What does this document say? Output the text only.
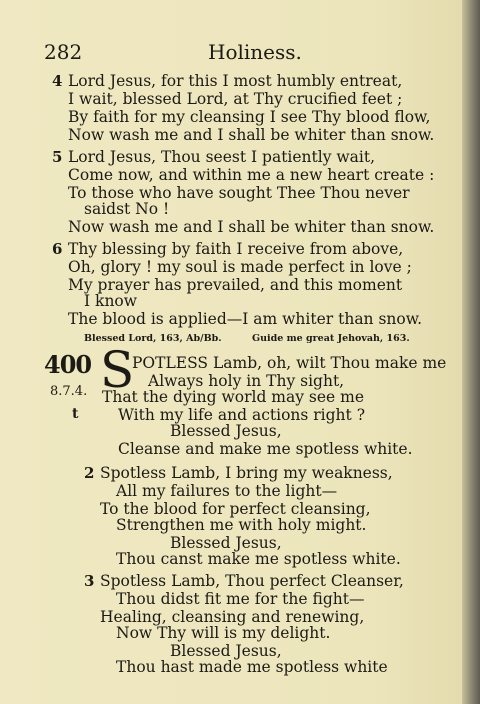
282	Holiness.
4 Lord Jesus, for this I most humbly entreat,
I wait, blessed Lord, at Thy crucified feet ;
By faith for my cleansing I see Thy blood flow,
Now wash me and I shall be whiter than snow.
5 Lord Jesus, Thou seest I patiently wait,
Come now, and within me a new heart create :
To those who have sought Thee Thou never
saidst No !
Now wash me and I shall be whiter than snow.
6 Thy blessing by faith I receive from above,
Oh, glory ! my soul is made perfect in love ;
My prayer has prevailed, and this moment
I know
The blood is applied—I am whiter than snow.
Blessed Lord, 163, Ab/Bb.	Guide me great Jehovah, 163.
400 S
8.7.4.
t
POTLESS Lamb, oh, wilt Thou make me
Always holy in Thy sight,
That the dying world may see me
With my life and actions right ?
Blessed Jesus,
Cleanse and make me spotless white.
2 Spotless Lamb, I bring my weakness,
All my failures to the light—
To the blood for perfect cleansing,
Strengthen me with holy might.
Blessed Jesus,
Thou canst make me spotless white.
3 Spotless Lamb, Thou perfect Cleanser,
Thou didst fit me for the fight—
Healing, cleansing and renewing,
Now Thy will is my delight.
Blessed Jesus,
Thou hast made me spotless white
